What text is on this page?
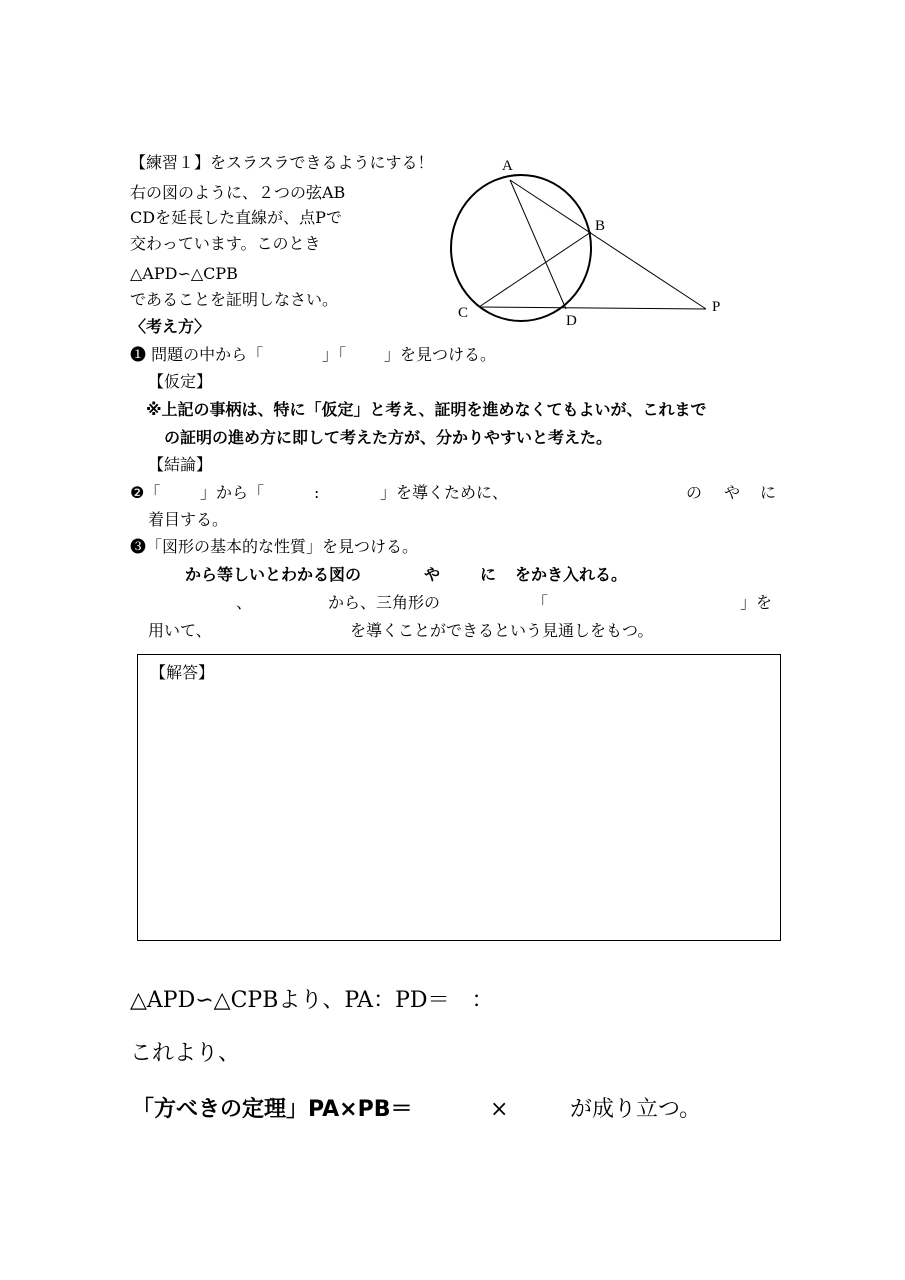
【練習１】をスラスラできるようにする！
右の図のように、２つの弦AB
CDを延長した直線が、点Pで
交わっています。このとき
△APD∽△CPB
であることを証明しなさい。
A
B
C	D
P
〈考え方〉
❶ 問題の中から「	」「 」を見つける。
【仮定】
※上記の事柄は、特に「仮定」と考え、証明を進めなくてもよいが、これまで
の証明の進め方に即して考えた方が、分かりやすいと考えた。
【結論】
❷「 」から「	:	」を導くために、	の や に
着目する。
❸「図形の基本的な性質」を見つける。
から等しいとわかる図の	や に をかき入れる。
、	から、三角形の	「	」を
用いて、	を導くことができるという見通しをもつ。
【解答】
△APD∽△CPBより、PA：PD＝　：
これより、
「方べきの定理」PA×PB＝	×	が成り立つ。
